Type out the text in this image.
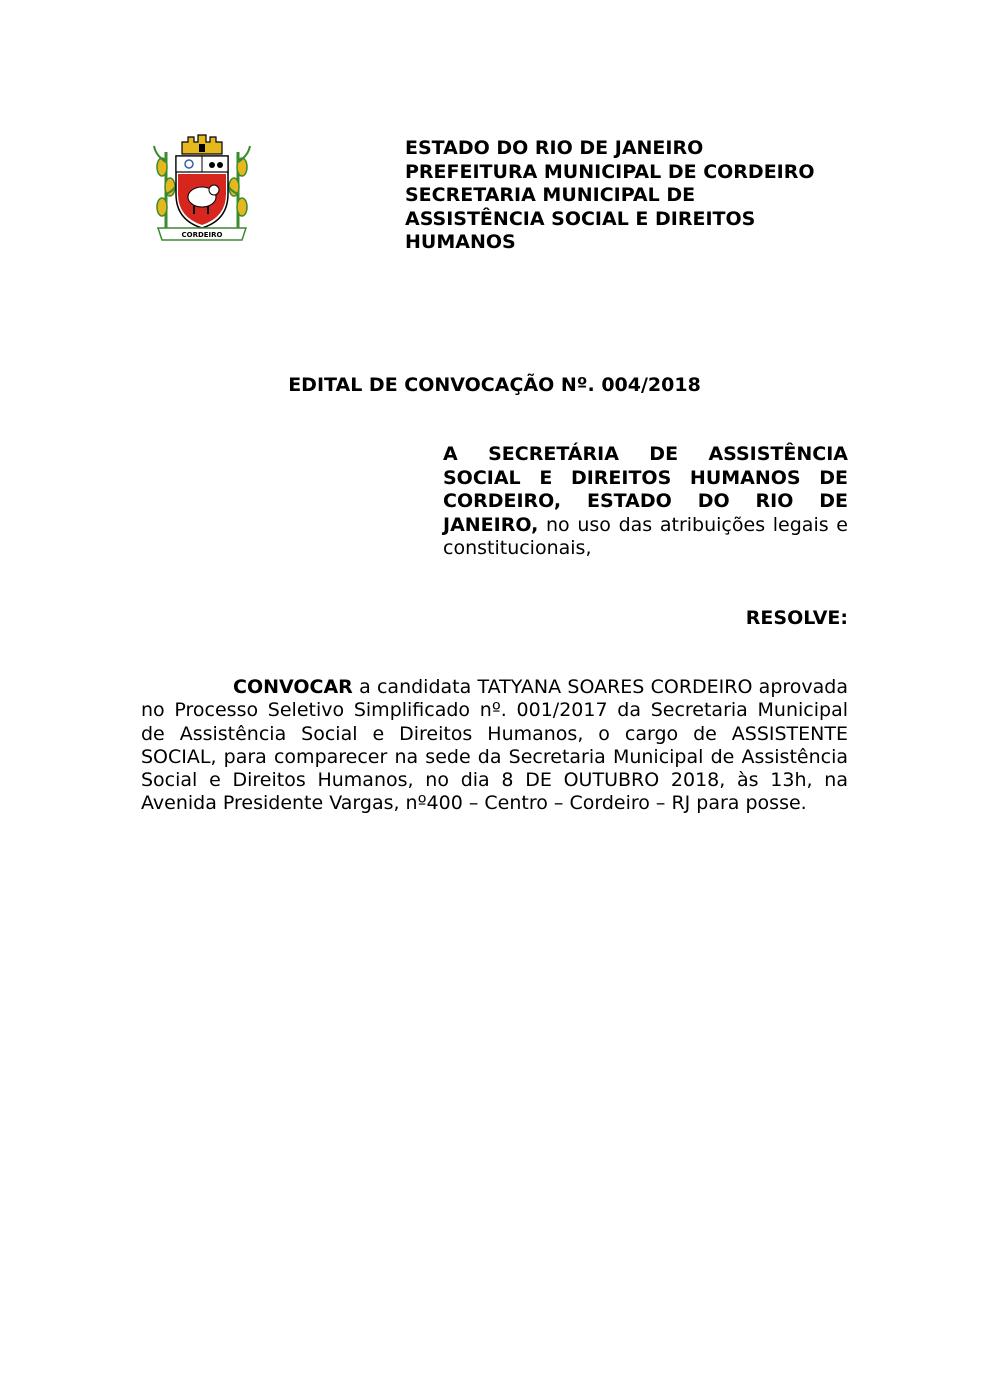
CORDEIRO
ESTADO DO RIO DE JANEIRO
PREFEITURA MUNICIPAL DE CORDEIRO
SECRETARIA MUNICIPAL DE
ASSISTÊNCIA SOCIAL E DIREITOS
HUMANOS
EDITAL DE CONVOCAÇÃO Nº. 004/2018
A SECRETÁRIA DE ASSISTÊNCIA SOCIAL E DIREITOS HUMANOS DE CORDEIRO, ESTADO DO RIO DE JANEIRO, no uso das atribuições legais e constitucionais,
RESOLVE:
CONVOCAR a candidata TATYANA SOARES CORDEIRO aprovada no Processo Seletivo Simplificado nº. 001/2017 da Secretaria Municipal de Assistência Social e Direitos Humanos, o cargo de ASSISTENTE SOCIAL, para comparecer na sede da Secretaria Municipal de Assistência Social e Direitos Humanos, no dia 8 DE OUTUBRO 2018, às 13h, na Avenida Presidente Vargas, nº400 – Centro – Cordeiro – RJ para posse.
